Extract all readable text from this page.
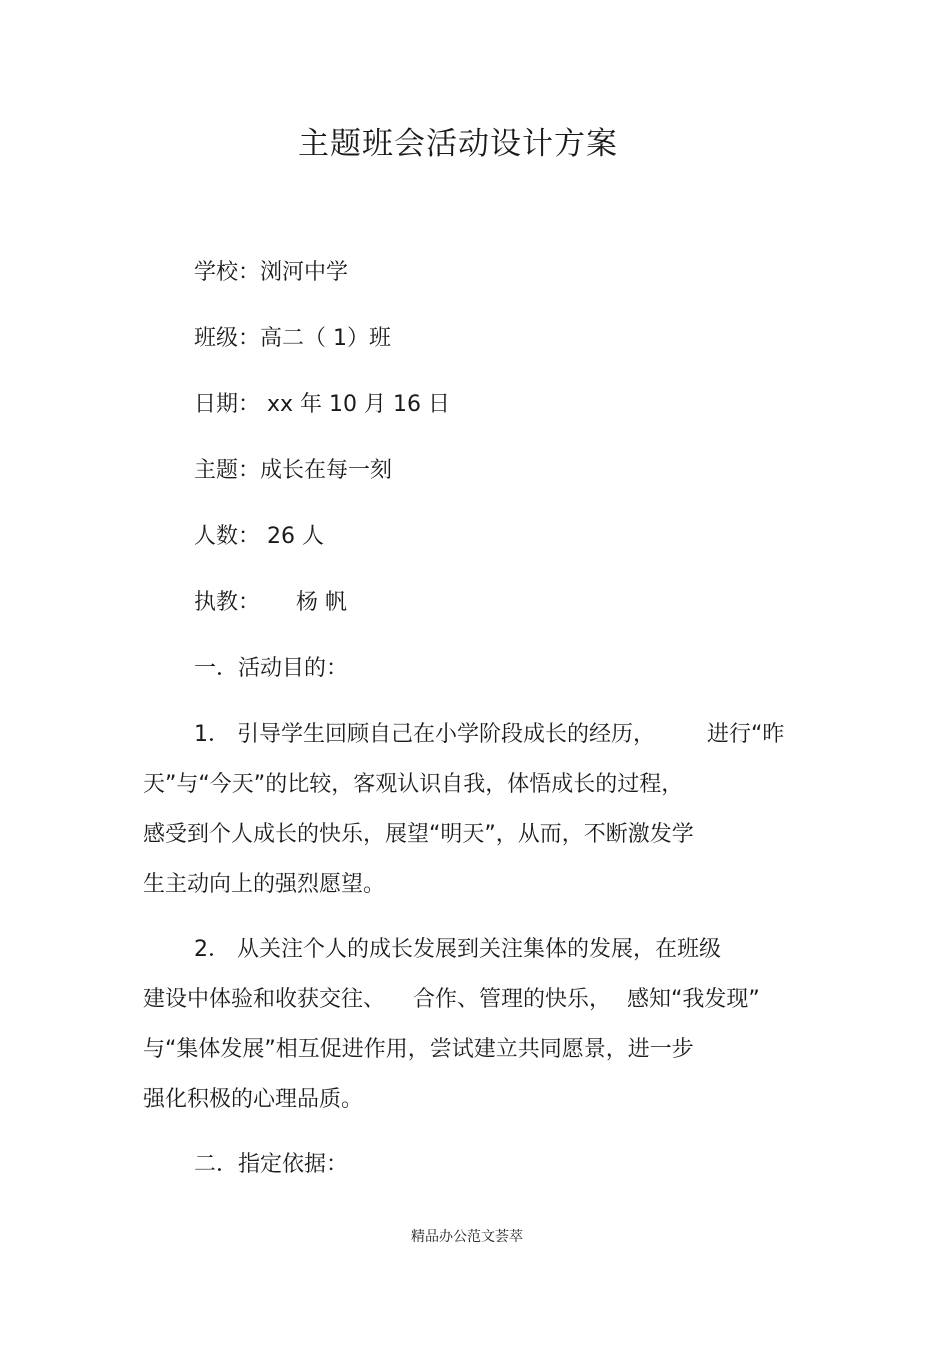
主题班会活动设计方案
学校：浏河中学
班级：高二（ 1）班
日期： xx 年 10 月 16 日
主题：成长在每一刻
人数： 26 人
执教： 杨 帆
一．活动目的：
1． 引导学生回顾自己在小学阶段成长的经历， 进行“昨
天”与“今天”的比较，客观认识自我，体悟成长的过程，
感受到个人成长的快乐，展望“明天”，从而，不断激发学
生主动向上的强烈愿望。
2． 从关注个人的成长发展到关注集体的发展，在班级
建设中体验和收获交往、 合作、管理的快乐， 感知“我发现”
与“集体发展”相互促进作用，尝试建立共同愿景，进一步
强化积极的心理品质。
二．指定依据：
精品办公范文荟萃
